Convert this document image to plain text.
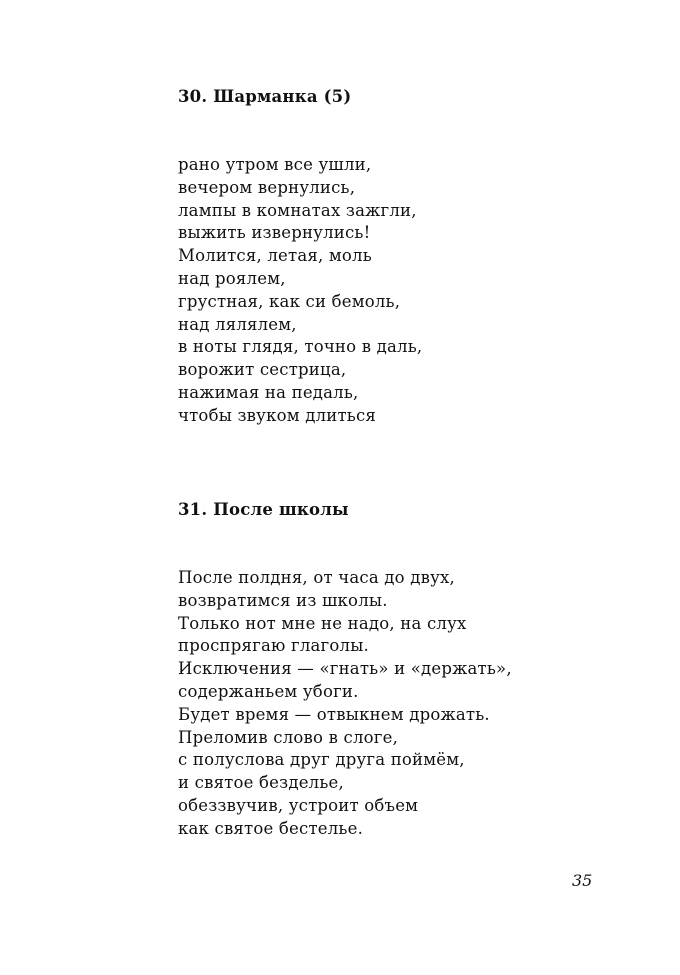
30. Шарманка (5)
рано утром все ушли,
вечером вернулись,
лампы в комнатах зажгли,
выжить извернулись!
Молится, летая, моль
над роялем,
грустная, как си бемоль,
над лялялем,
в ноты глядя, точно в даль,
ворожит сестрица,
нажимая на педаль,
чтобы звуком длиться
31. После школы
После полдня, от часа до двух,
возвратимся из школы.
Только нот мне не надо, на слух
проспрягаю глаголы.
Исключения — «гнать» и «держать»,
содержаньем убоги.
Будет время — отвыкнем дрожать.
Преломив слово в слоге,
с полуслова друг друга поймём,
и святое безделье,
обеззвучив, устроит объем
как святое бестелье.
35
